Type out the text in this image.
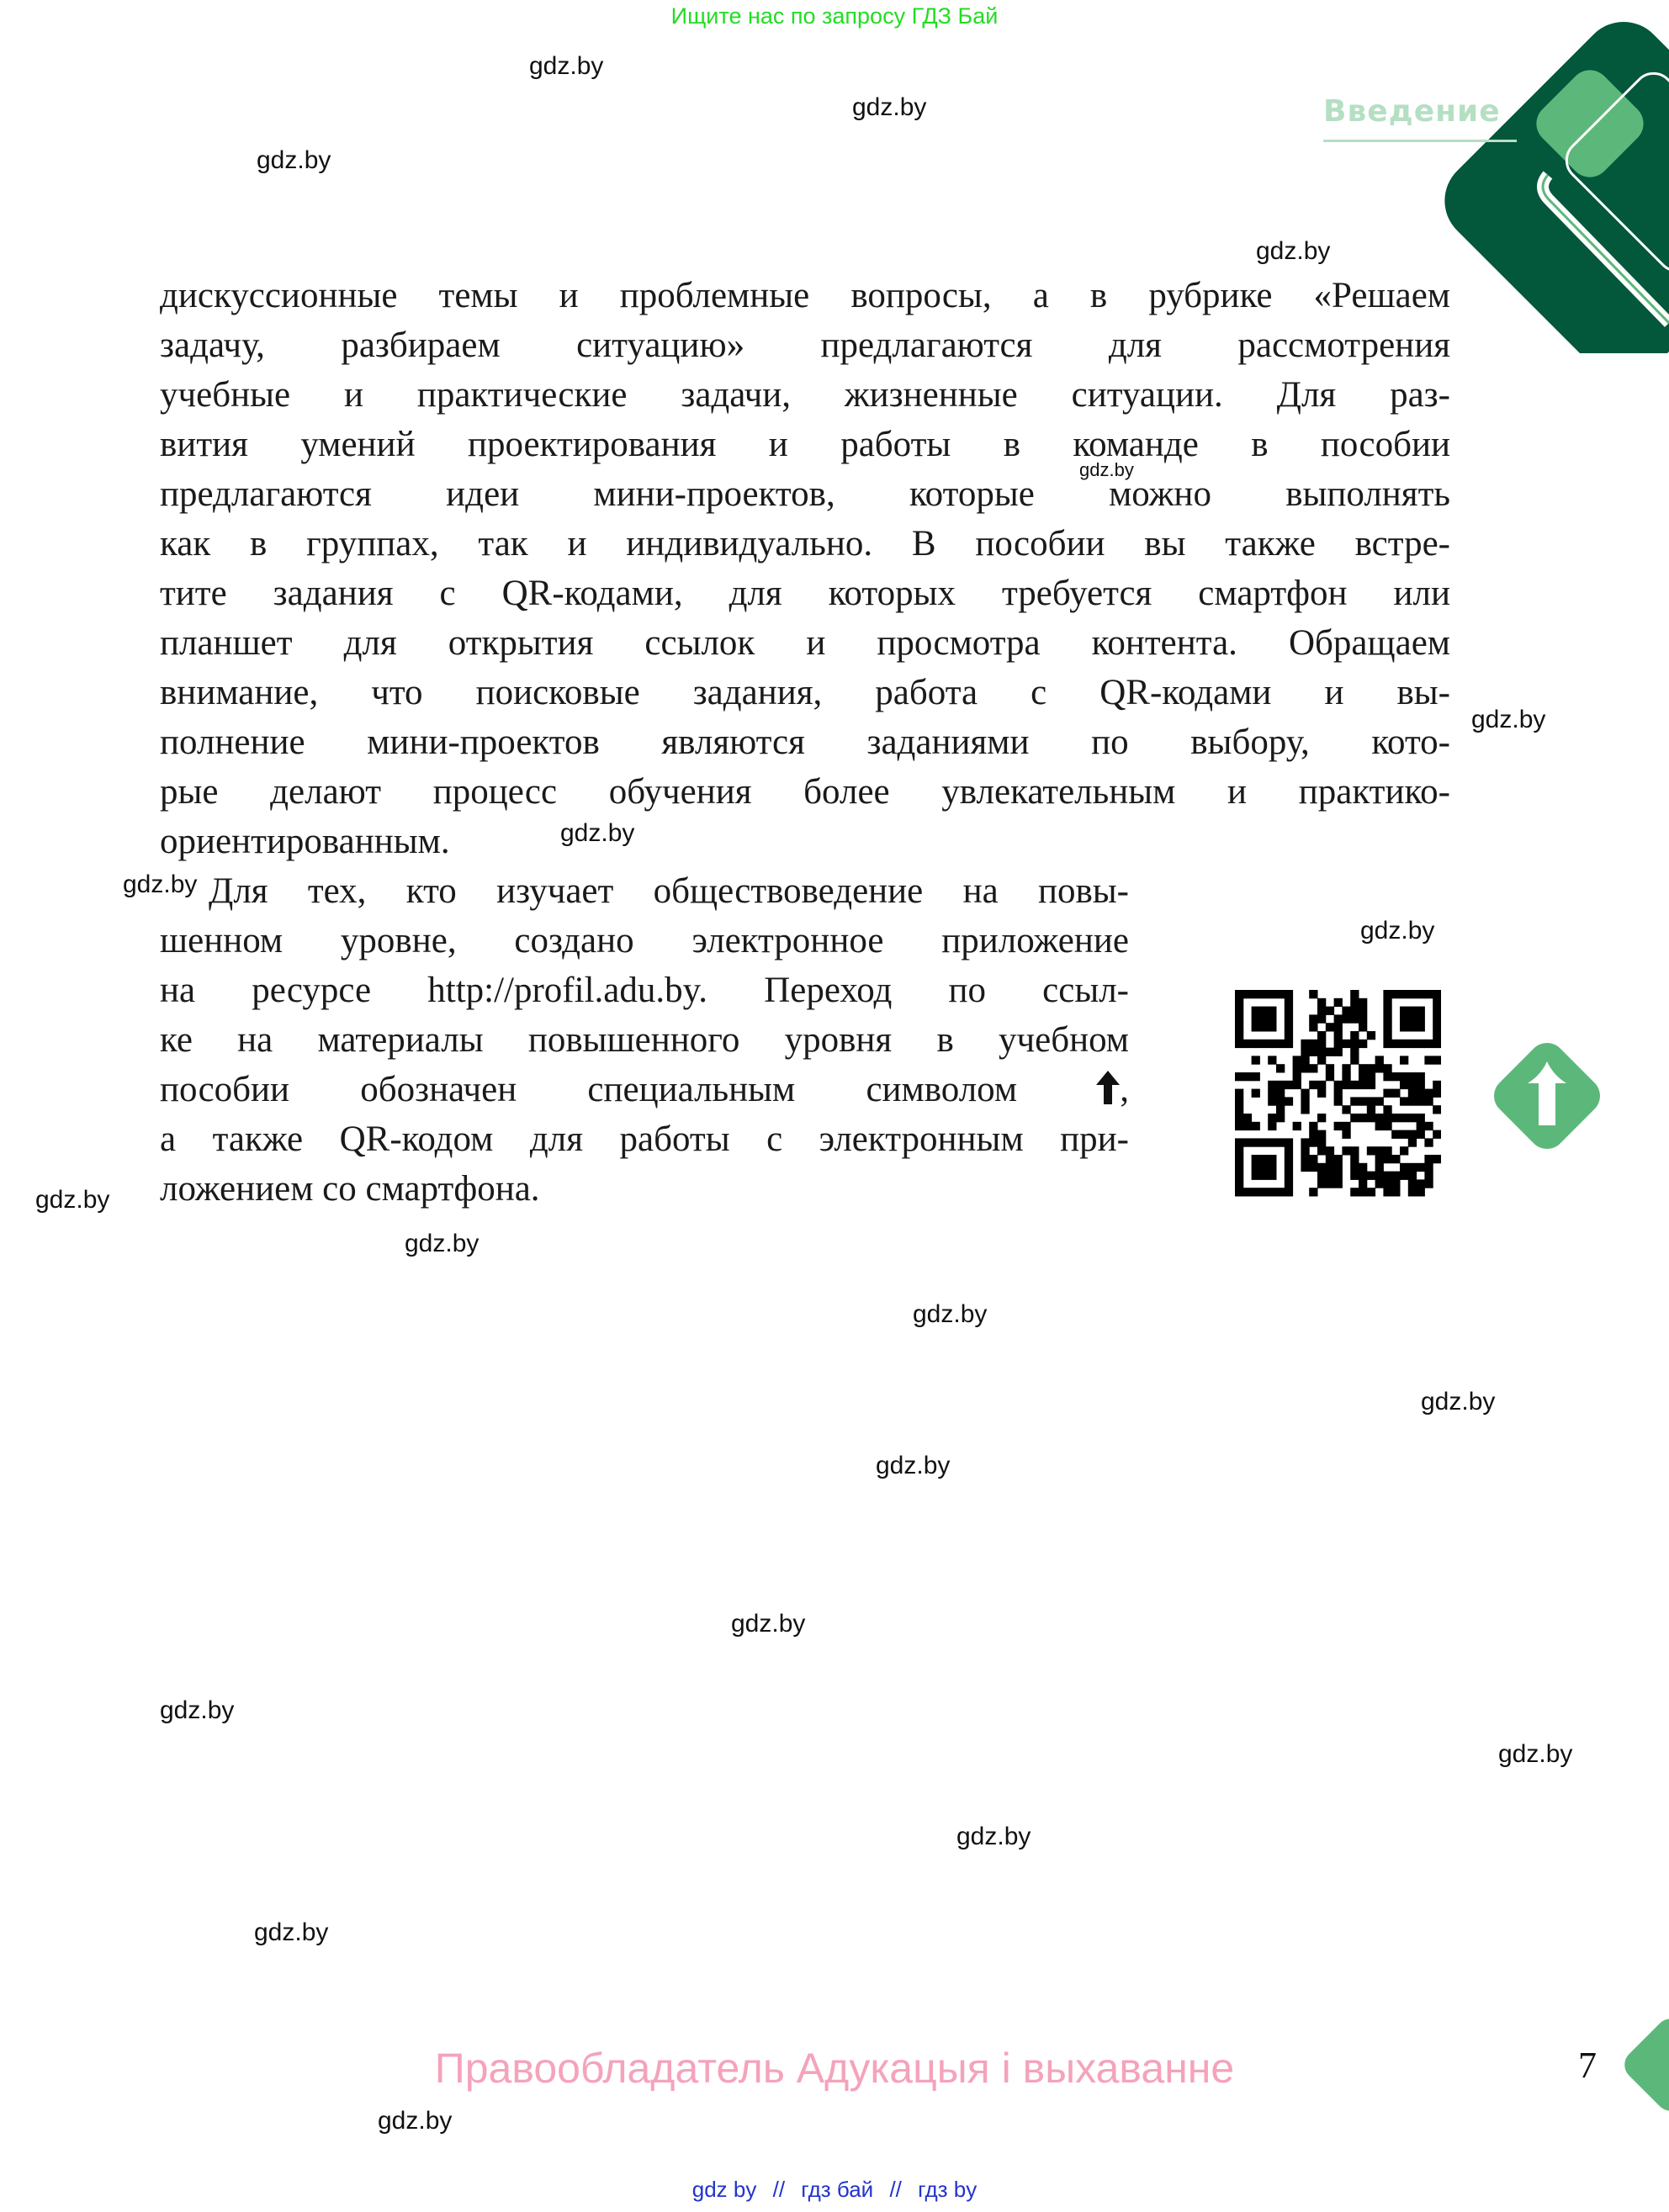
Ищите нас по запросу ГДЗ Бай
Введение
дискуссионные темы и проблемные вопросы, а в рубрике «Решаем
задачу, разбираем ситуацию» предлагаются для рассмотрения
учебные и практические задачи, жизненные ситуации. Для раз-
вития умений проектирования и работы в команде в пособии
предлагаются идеи мини-проектов, которые можно выполнять
как в группах, так и индивидуально. В пособии вы также встре-
тите задания с QR-кодами, для которых требуется смартфон или
планшет для открытия ссылок и просмотра контента. Обращаем
внимание, что поисковые задания, работа с QR-кодами и вы-
полнение мини-проектов являются заданиями по выбору, кото-
рые делают процесс обучения более увлекательным и практико-
ориентированным.
Для тех, кто изучает обществоведение на повы-
шенном уровне, создано электронное приложение
на ресурсе http://profil.adu.by. Переход по ссыл-
ке на материалы повышенного уровня в учебном
пособии обозначен специальным символом	,
а также QR-кодом для работы с электронным при-
ложением со смартфона.
gdz.by
gdz.by
gdz.by
gdz.by
gdz.by
gdz.by
gdz.by
gdz.by
gdz.by
gdz.by
gdz.by
gdz.by
gdz.by
gdz.by
gdz.by
gdz.by
gdz.by
gdz.by
gdz.by
gdz.by
Правообладатель Адукацыя і выхаванне	7
gdz by // гдз бай // гдз by
